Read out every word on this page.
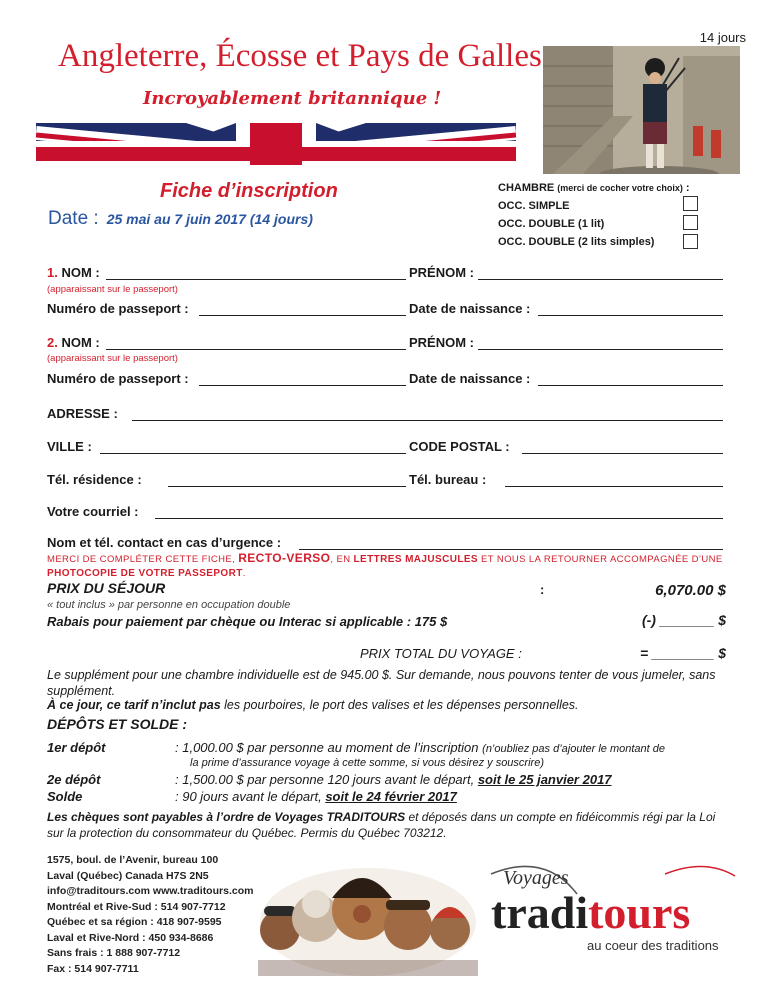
Angleterre, Écosse et Pays de Galles
Incroyablement britannique !
14 jours
Fiche d’inscription
Date : 25 mai au 7 juin 2017 (14 jours)
CHAMBRE (merci de cocher votre choix) :
OCC. SIMPLE
OCC. DOUBLE (1 lit)
OCC. DOUBLE (2 lits simples)
1. NOM :	PRÉNOM :
(apparaissant sur le passeport)
Numéro de passeport :	Date de naissance :
2. NOM :	PRÉNOM :
(apparaissant sur le passeport)
Numéro de passeport :	Date de naissance :
ADRESSE :
VILLE :	CODE POSTAL :
Tél. résidence :	Tél. bureau :
Votre courriel :
Nom et tél. contact en cas d’urgence :
MERCI DE COMPLÉTER CETTE FICHE, RECTO-VERSO, EN LETTRES MAJUSCULES ET NOUS LA RETOURNER ACCOMPAGNÉE D’UNE PHOTOCOPIE DE VOTRE PASSEPORT.
PRIX DU SÉJOUR	:	6,070.00 $
« tout inclus » par personne en occupation double
Rabais pour paiement par chèque ou Interac si applicable : 175 $	(-) _______ $
PRIX TOTAL DU VOYAGE :	= ________ $
Le supplément pour une chambre individuelle est de 945.00 $. Sur demande, nous pouvons tenter de vous jumeler, sans supplément.
À ce jour, ce tarif n’inclut pas les pourboires, le port des valises et les dépenses personnelles.
DÉPÔTS ET SOLDE :
1er dépôt	: 1,000.00 $ par personne au moment de l’inscription (n’oubliez pas d’ajouter le montant de
la prime d’assurance voyage à cette somme, si vous désirez y souscrire)
2e dépôt	: 1,500.00 $ par personne 120 jours avant le départ, soit le 25 janvier 2017
Solde	: 90 jours avant le départ, soit le 24 février 2017
Les chèques sont payables à l’ordre de Voyages TRADITOURS et déposés dans un compte en fidéicommis régi par la Loi sur la protection du consommateur du Québec. Permis du Québec 703212.
1575, boul. de l’Avenir, bureau 100
Laval (Québec) Canada H7S 2N5
info@traditours.com www.traditours.com
Montréal et Rive-Sud : 514 907-7712
Québec et sa région : 418 907-9595
Laval et Rive-Nord : 450 934-8686
Sans frais : 1 888 907-7712
Fax : 514 907-7711
Voyages
traditours
au coeur des traditions
